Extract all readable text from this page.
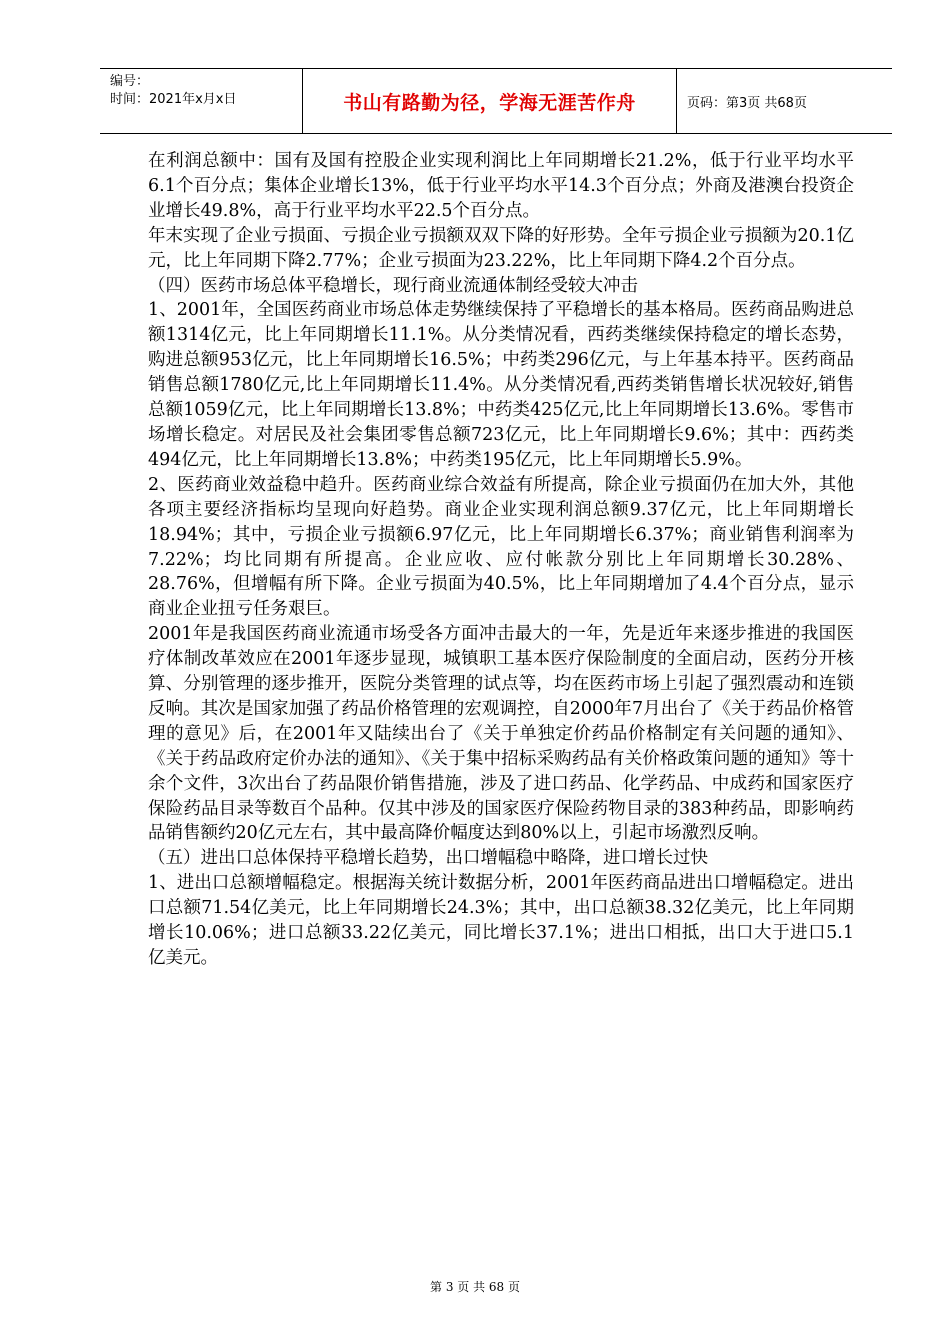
编号：
时间：2021年x月x日	书山有路勤为径，学海无涯苦作舟	页码：第3页 共68页

在利润总额中：国有及国有控股企业实现利润比上年同期增长21.2%，低于行业平均水平6.1个百分点；集体企业增长13%，低于行业平均水平14.3个百分点；外商及港澳台投资企业增长49.8%，高于行业平均水平22.5个百分点。

年末实现了企业亏损面、亏损企业亏损额双双下降的好形势。全年亏损企业亏损额为20.1亿元，比上年同期下降2.77%；企业亏损面为23.22%，比上年同期下降4.2个百分点。

（四）医药市场总体平稳增长，现行商业流通体制经受较大冲击

1、2001年，全国医药商业市场总体走势继续保持了平稳增长的基本格局。医药商品购进总额1314亿元，比上年同期增长11.1%。从分类情况看，西药类继续保持稳定的增长态势，购进总额953亿元，比上年同期增长16.5%；中药类296亿元，与上年基本持平。医药商品销售总额1780亿元,比上年同期增长11.4%。从分类情况看,西药类销售增长状况较好,销售总额1059亿元，比上年同期增长13.8%；中药类425亿元,比上年同期增长13.6%。零售市场增长稳定。对居民及社会集团零售总额723亿元，比上年同期增长9.6%；其中：西药类494亿元，比上年同期增长13.8%；中药类195亿元，比上年同期增长5.9%。

2、医药商业效益稳中趋升。医药商业综合效益有所提高，除企业亏损面仍在加大外，其他各项主要经济指标均呈现向好趋势。商业企业实现利润总额9.37亿元，比上年同期增长18.94%；其中，亏损企业亏损额6.97亿元，比上年同期增长6.37%；商业销售利润率为7.22%；均比同期有所提高。企业应收、应付帐款分别比上年同期增长30.28%、28.76%，但增幅有所下降。企业亏损面为40.5%，比上年同期增加了4.4个百分点，显示商业企业扭亏任务艰巨。

2001年是我国医药商业流通市场受各方面冲击最大的一年，先是近年来逐步推进的我国医疗体制改革效应在2001年逐步显现，城镇职工基本医疗保险制度的全面启动，医药分开核算、分别管理的逐步推开，医院分类管理的试点等，均在医药市场上引起了强烈震动和连锁反响。其次是国家加强了药品价格管理的宏观调控，自2000年7月出台了《关于药品价格管理的意见》后，在2001年又陆续出台了《关于单独定价药品价格制定有关问题的通知》、《关于药品政府定价办法的通知》、《关于集中招标采购药品有关价格政策问题的通知》等十余个文件，3次出台了药品限价销售措施，涉及了进口药品、化学药品、中成药和国家医疗保险药品目录等数百个品种。仅其中涉及的国家医疗保险药物目录的383种药品，即影响药品销售额约20亿元左右，其中最高降价幅度达到80%以上，引起市场激烈反响。

（五）进出口总体保持平稳增长趋势，出口增幅稳中略降，进口增长过快

1、进出口总额增幅稳定。根据海关统计数据分析，2001年医药商品进出口增幅稳定。进出口总额71.54亿美元，比上年同期增长24.3%；其中，出口总额38.32亿美元，比上年同期增长10.06%；进口总额33.22亿美元，同比增长37.1%；进出口相抵，出口大于进口5.1亿美元。

第 3 页 共 68 页
